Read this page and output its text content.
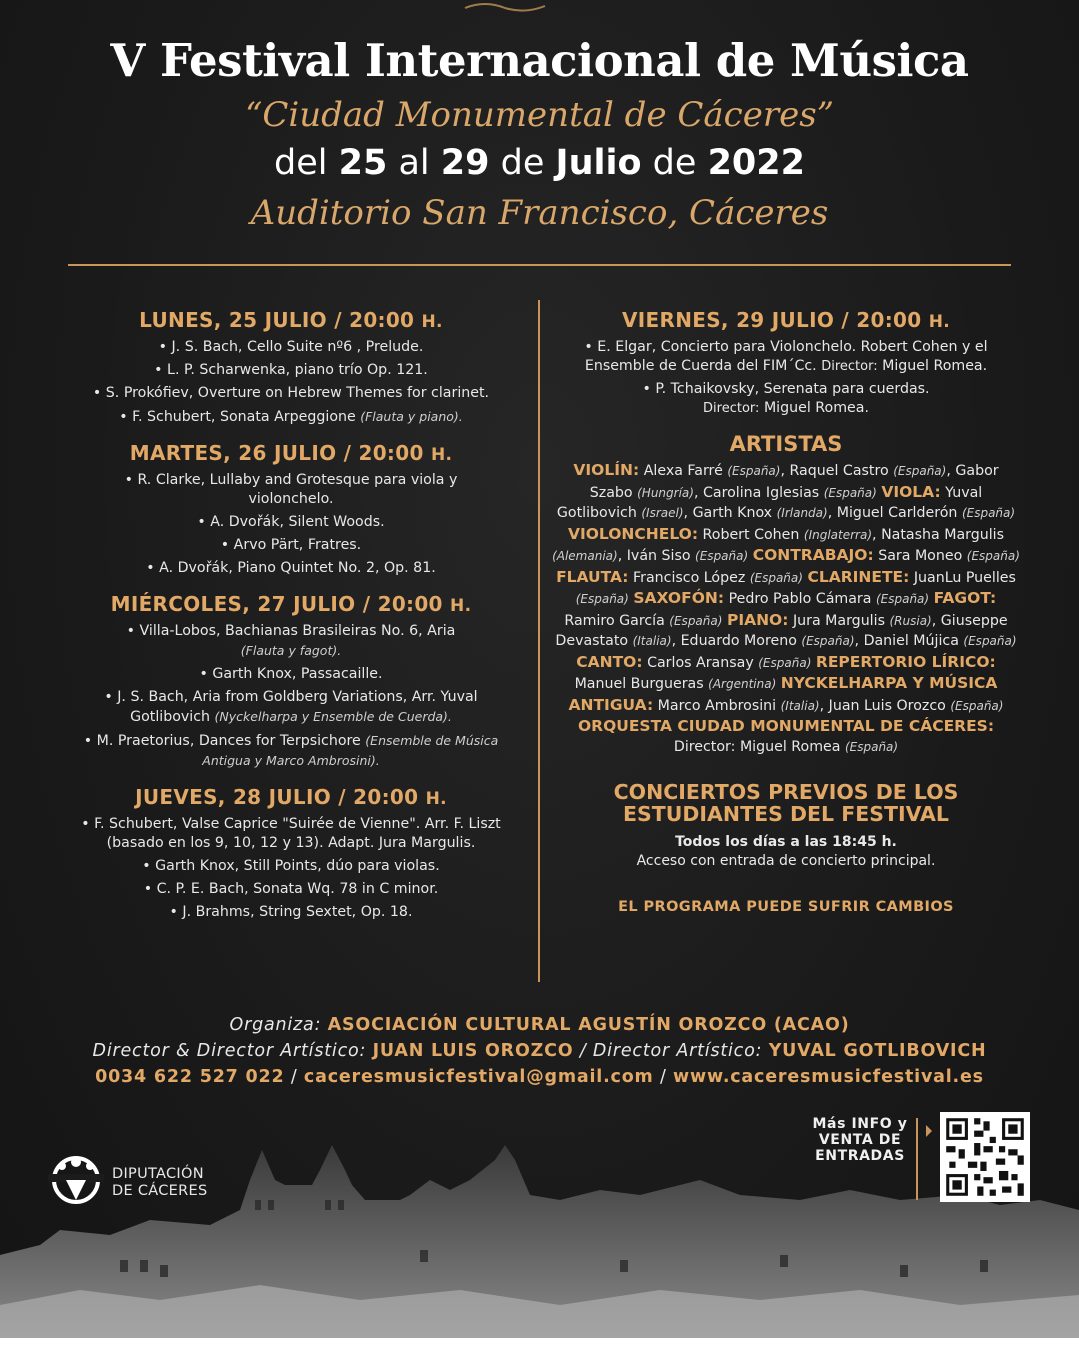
V Festival Internacional de Música
“Ciudad Monumental de Cáceres”
del 25 al 29 de Julio de 2022
Auditorio San Francisco, Cáceres
LUNES, 25 JULIO / 20:00 H.
• J. S. Bach, Cello Suite nº6 , Prelude.
• L. P. Scharwenka, piano trío Op. 121.
• S. Prokófiev, Overture on Hebrew Themes for clarinet.
• F. Schubert, Sonata Arpeggione (Flauta y piano).
MARTES, 26 JULIO / 20:00 H.
• R. Clarke, Lullaby and Grotesque para viola y violonchelo.
• A. Dvořák, Silent Woods.
• Arvo Pärt, Fratres.
• A. Dvořák, Piano Quintet No. 2, Op. 81.
MIÉRCOLES, 27 JULIO / 20:00 H.
• Villa-Lobos, Bachianas Brasileiras No. 6, Aria
(Flauta y fagot).
• Garth Knox, Passacaille.
• J. S. Bach, Aria from Goldberg Variations, Arr. Yuval Gotlibovich (Nyckelharpa y Ensemble de Cuerda).
• M. Praetorius, Dances for Terpsichore (Ensemble de Música Antigua y Marco Ambrosini).
JUEVES, 28 JULIO / 20:00 H.
• F. Schubert, Valse Caprice "Suirée de Vienne". Arr. F. Liszt (basado en los 9, 10, 12 y 13). Adapt. Jura Margulis.
• Garth Knox, Still Points, dúo para violas.
• C. P. E. Bach, Sonata Wq. 78 in C minor.
• J. Brahms, String Sextet, Op. 18.
VIERNES, 29 JULIO / 20:00 H.
• E. Elgar, Concierto para Violonchelo. Robert Cohen y el Ensemble de Cuerda del FIM´Cc. Director: Miguel Romea.
• P. Tchaikovsky, Serenata para cuerdas.
Director: Miguel Romea.
ARTISTAS
VIOLÍN: Alexa Farré (España), Raquel Castro (España), Gabor Szabo (Hungría), Carolina Iglesias (España) VIOLA: Yuval Gotlibovich (Israel), Garth Knox (Irlanda), Miguel Carlderón (España) VIOLONCHELO: Robert Cohen (Inglaterra), Natasha Margulis (Alemania), Iván Siso (España) CONTRABAJO: Sara Moneo (España) FLAUTA: Francisco López (España) CLARINETE: JuanLu Puelles (España) SAXOFÓN: Pedro Pablo Cámara (España) FAGOT: Ramiro García (España) PIANO: Jura Margulis (Rusia), Giuseppe Devastato (Italia), Eduardo Moreno (España), Daniel Mújica (España) CANTO: Carlos Aransay (España) REPERTORIO LÍRICO: Manuel Burgueras (Argentina) NYCKELHARPA Y MÚSICA ANTIGUA: Marco Ambrosini (Italia), Juan Luis Orozco (España)
ORQUESTA CIUDAD MONUMENTAL DE CÁCERES:
Director: Miguel Romea (España)
CONCIERTOS PREVIOS DE LOS
ESTUDIANTES DEL FESTIVAL
Todos los días a las 18:45 h.
Acceso con entrada de concierto principal.
EL PROGRAMA PUEDE SUFRIR CAMBIOS
Organiza: ASOCIACIÓN CULTURAL AGUSTÍN OROZCO (ACAO)
Director & Director Artístico: JUAN LUIS OROZCO / Director Artístico: YUVAL GOTLIBOVICH
0034 622 527 022 / caceresmusicfestival@gmail.com / www.caceresmusicfestival.es
DIPUTACIÓN
DE CÁCERES
Más INFO y
VENTA DE
ENTRADAS
